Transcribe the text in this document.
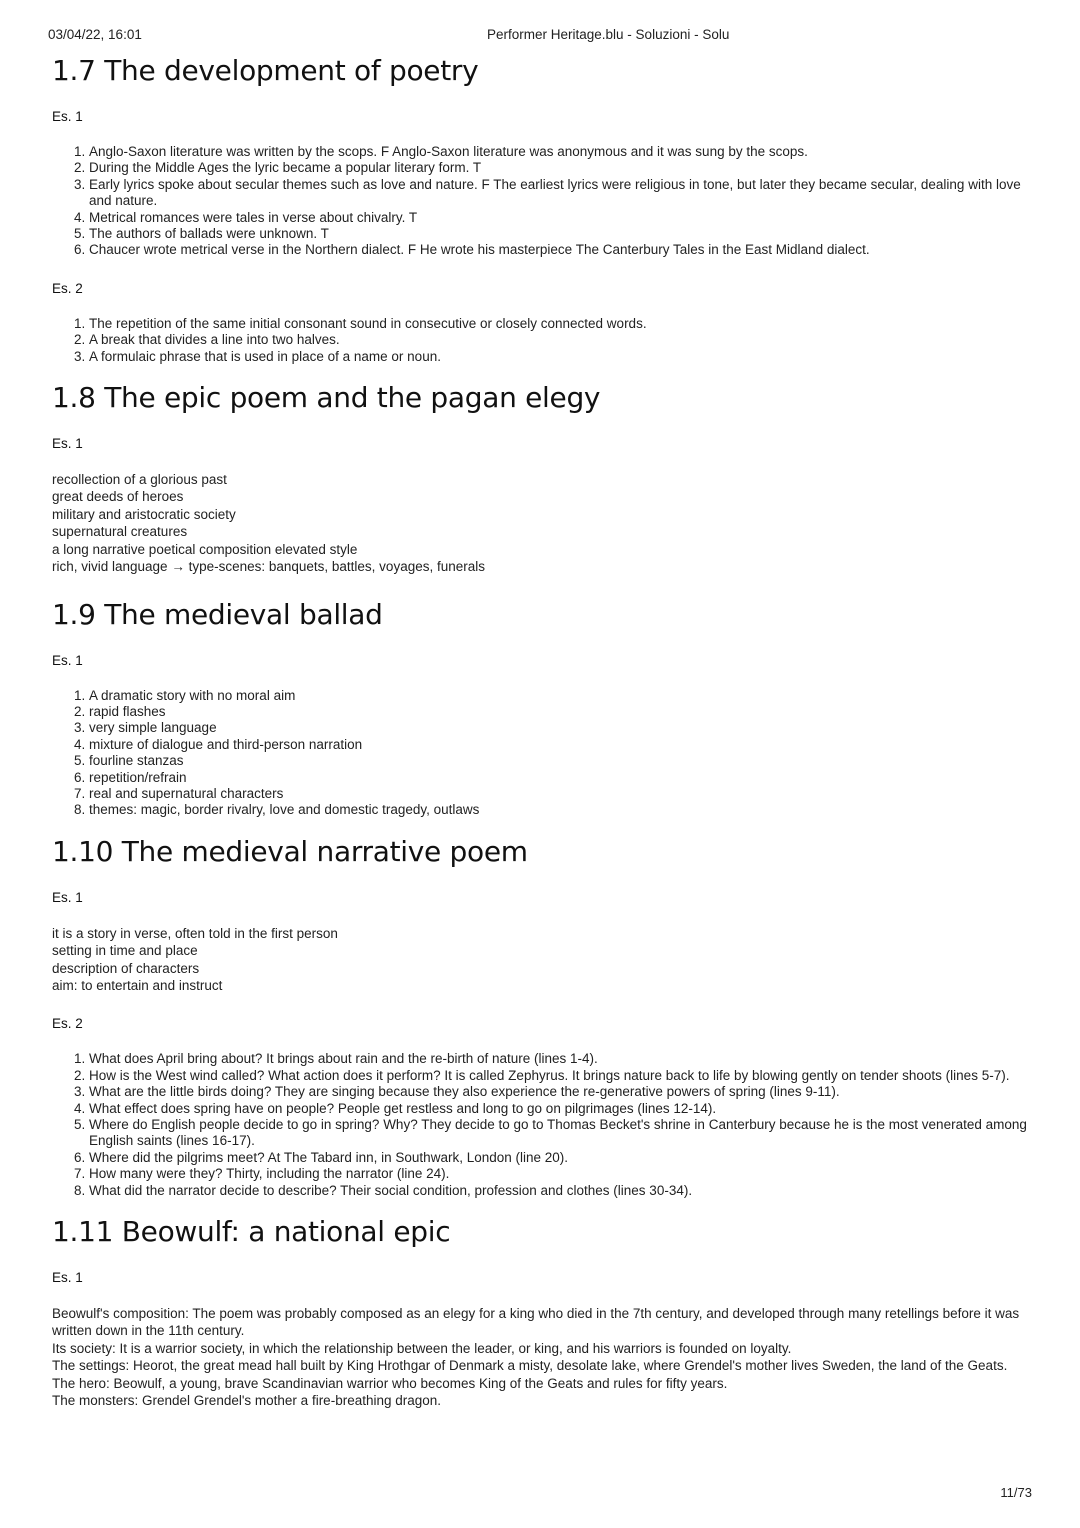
03/04/22, 16:01	Performer Heritage.blu - Soluzioni - Solu
1.7 The development of poetry

Es. 1

1. Anglo-Saxon literature was written by the scops. F Anglo-Saxon literature was anonymous and it was sung by the scops.
2. During the Middle Ages the lyric became a popular literary form. T
3. Early lyrics spoke about secular themes such as love and nature. F The earliest lyrics were religious in tone, but later they became secular, dealing with love and nature.
4. Metrical romances were tales in verse about chivalry. T
5. The authors of ballads were unknown. T
6. Chaucer wrote metrical verse in the Northern dialect. F He wrote his masterpiece The Canterbury Tales in the East Midland dialect.

Es. 2

1. The repetition of the same initial consonant sound in consecutive or closely connected words.
2. A break that divides a line into two halves.
3. A formulaic phrase that is used in place of a name or noun.
1.8 The epic poem and the pagan elegy

Es. 1

recollection of a glorious past
great deeds of heroes
military and aristocratic society
supernatural creatures
a long narrative poetical composition elevated style
rich, vivid language → type-scenes: banquets, battles, voyages, funerals
1.9 The medieval ballad

Es. 1

1. A dramatic story with no moral aim
2. rapid flashes
3. very simple language
4. mixture of dialogue and third-person narration
5. fourline stanzas
6. repetition/refrain
7. real and supernatural characters
8. themes: magic, border rivalry, love and domestic tragedy, outlaws
1.10 The medieval narrative poem

Es. 1

it is a story in verse, often told in the first person
setting in time and place
description of characters
aim: to entertain and instruct

Es. 2

1. What does April bring about? It brings about rain and the re-birth of nature (lines 1-4).
2. How is the West wind called? What action does it perform? It is called Zephyrus. It brings nature back to life by blowing gently on tender shoots (lines 5-7).
3. What are the little birds doing? They are singing because they also experience the re-generative powers of spring (lines 9-11).
4. What effect does spring have on people? People get restless and long to go on pilgrimages (lines 12-14).
5. Where do English people decide to go in spring? Why? They decide to go to Thomas Becket's shrine in Canterbury because he is the most venerated among English saints (lines 16-17).
6. Where did the pilgrims meet? At The Tabard inn, in Southwark, London (line 20).
7. How many were they? Thirty, including the narrator (line 24).
8. What did the narrator decide to describe? Their social condition, profession and clothes (lines 30-34).
1.11 Beowulf: a national epic

Es. 1

Beowulf's composition: The poem was probably composed as an elegy for a king who died in the 7th century, and developed through many retellings before it was written down in the 11th century.
Its society: It is a warrior society, in which the relationship between the leader, or king, and his warriors is founded on loyalty.
The settings: Heorot, the great mead hall built by King Hrothgar of Denmark a misty, desolate lake, where Grendel's mother lives Sweden, the land of the Geats.
The hero: Beowulf, a young, brave Scandinavian warrior who becomes King of the Geats and rules for fifty years.
The monsters: Grendel Grendel's mother a fire-breathing dragon.
11/73
